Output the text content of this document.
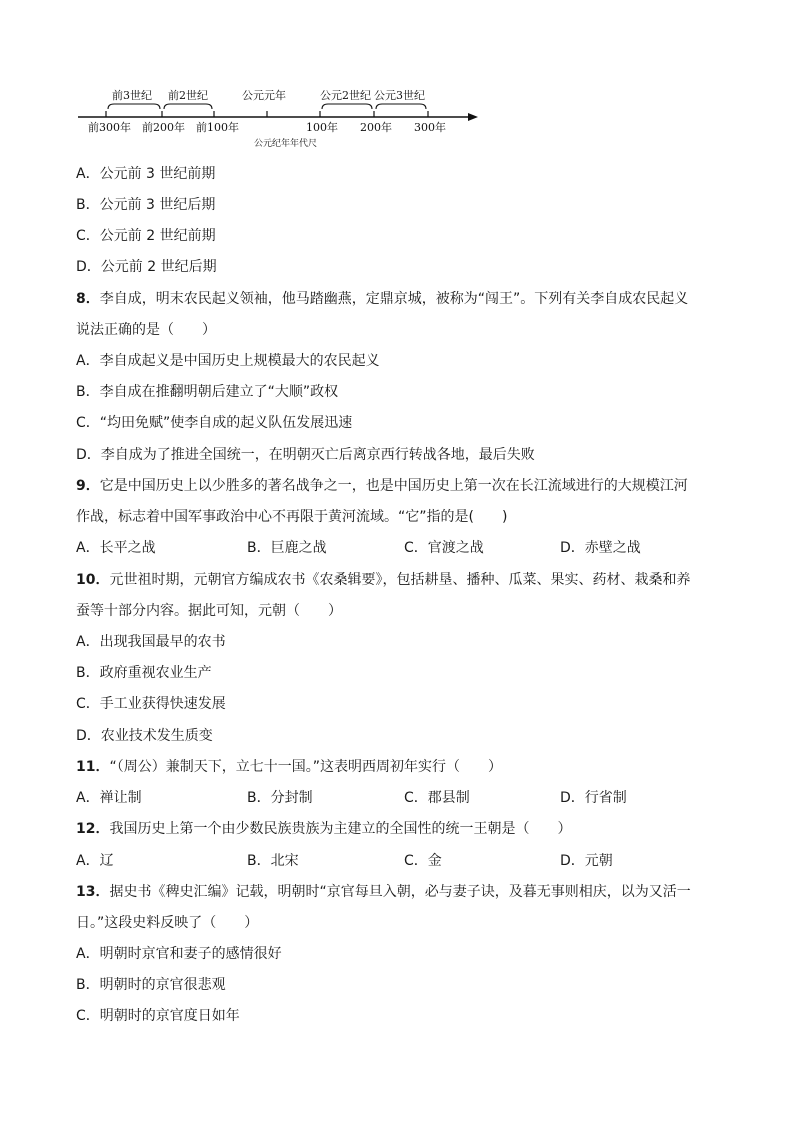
前3世纪 前2世纪	公元元年	公元2世纪 公元3世纪
前300年 前200年 前100年	100年 200年 300年
公元纪年年代尺
A．公元前 3 世纪前期
B．公元前 3 世纪后期
C．公元前 2 世纪前期
D．公元前 2 世纪后期
8．李自成，明末农民起义领袖，他马踏幽燕，定鼎京城，被称为“闯王”。下列有关李自成农民起义
说法正确的是（　　）
A．李自成起义是中国历史上规模最大的农民起义
B．李自成在推翻明朝后建立了“大顺”政权
C．“均田免赋”使李自成的起义队伍发展迅速
D．李自成为了推进全国统一，在明朝灭亡后离京西行转战各地，最后失败
9．它是中国历史上以少胜多的著名战争之一，也是中国历史上第一次在长江流域进行的大规模江河
作战，标志着中国军事政治中心不再限于黄河流域。“它”指的是(　　)
A．长平之战	B．巨鹿之战	C．官渡之战	D．赤壁之战
10．元世祖时期，元朝官方编成农书《农桑辑要》，包括耕垦、播种、瓜菜、果实、药材、栽桑和养
蚕等十部分内容。据此可知，元朝（　　）
A．出现我国最早的农书
B．政府重视农业生产
C．手工业获得快速发展
D．农业技术发生质变
11．“（周公）兼制天下，立七十一国。”这表明西周初年实行（　　）
A．禅让制	B．分封制	C．郡县制	D．行省制
12．我国历史上第一个由少数民族贵族为主建立的全国性的统一王朝是（　　）
A．辽	B．北宋	C．金	D．元朝
13．据史书《稗史汇编》记载，明朝时“京官每旦入朝，必与妻子诀，及暮无事则相庆，以为又活一
日。”这段史料反映了（　　）
A．明朝时京官和妻子的感情很好
B．明朝时的京官很悲观
C．明朝时的京官度日如年
